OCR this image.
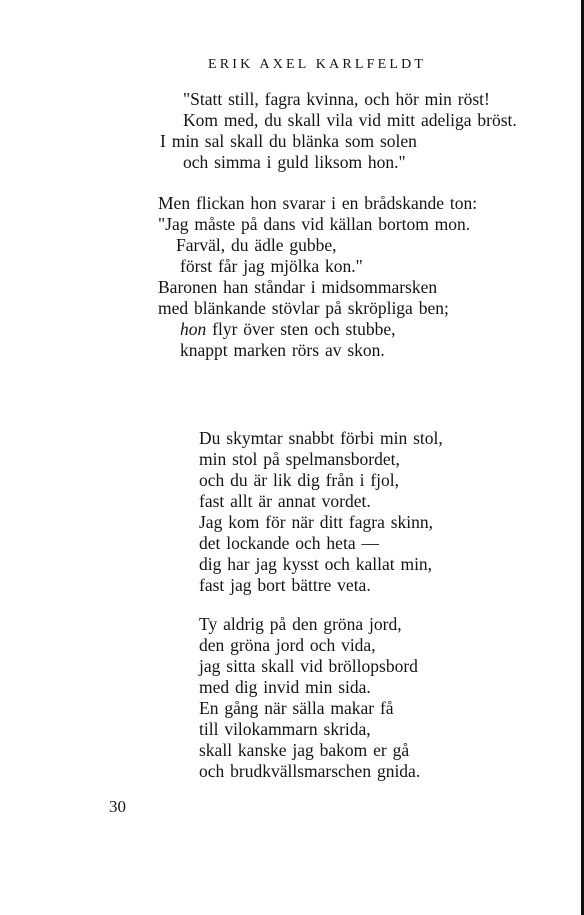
ERIK AXEL KARLFELDT
"Statt still, fagra kvinna, och hör min röst!
Kom med, du skall vila vid mitt adeliga bröst.
I min sal skall du blänka som solen
och simma i guld liksom hon."
Men flickan hon svarar i en brådskande ton:
"Jag måste på dans vid källan bortom mon.
Farväl, du ädle gubbe,
först får jag mjölka kon."
Baronen han ståndar i midsommarsken
med blänkande stövlar på skröpliga ben;
hon flyr över sten och stubbe,
knappt marken rörs av skon.
Du skymtar snabbt förbi min stol,
min stol på spelmansbordet,
och du är lik dig från i fjol,
fast allt är annat vordet.
Jag kom för när ditt fagra skinn,
det lockande och heta —
dig har jag kysst och kallat min,
fast jag bort bättre veta.
Ty aldrig på den gröna jord,
den gröna jord och vida,
jag sitta skall vid bröllopsbord
med dig invid min sida.
En gång när sälla makar få
till vilokammarn skrida,
skall kanske jag bakom er gå
och brudkvällsmarschen gnida.
30
